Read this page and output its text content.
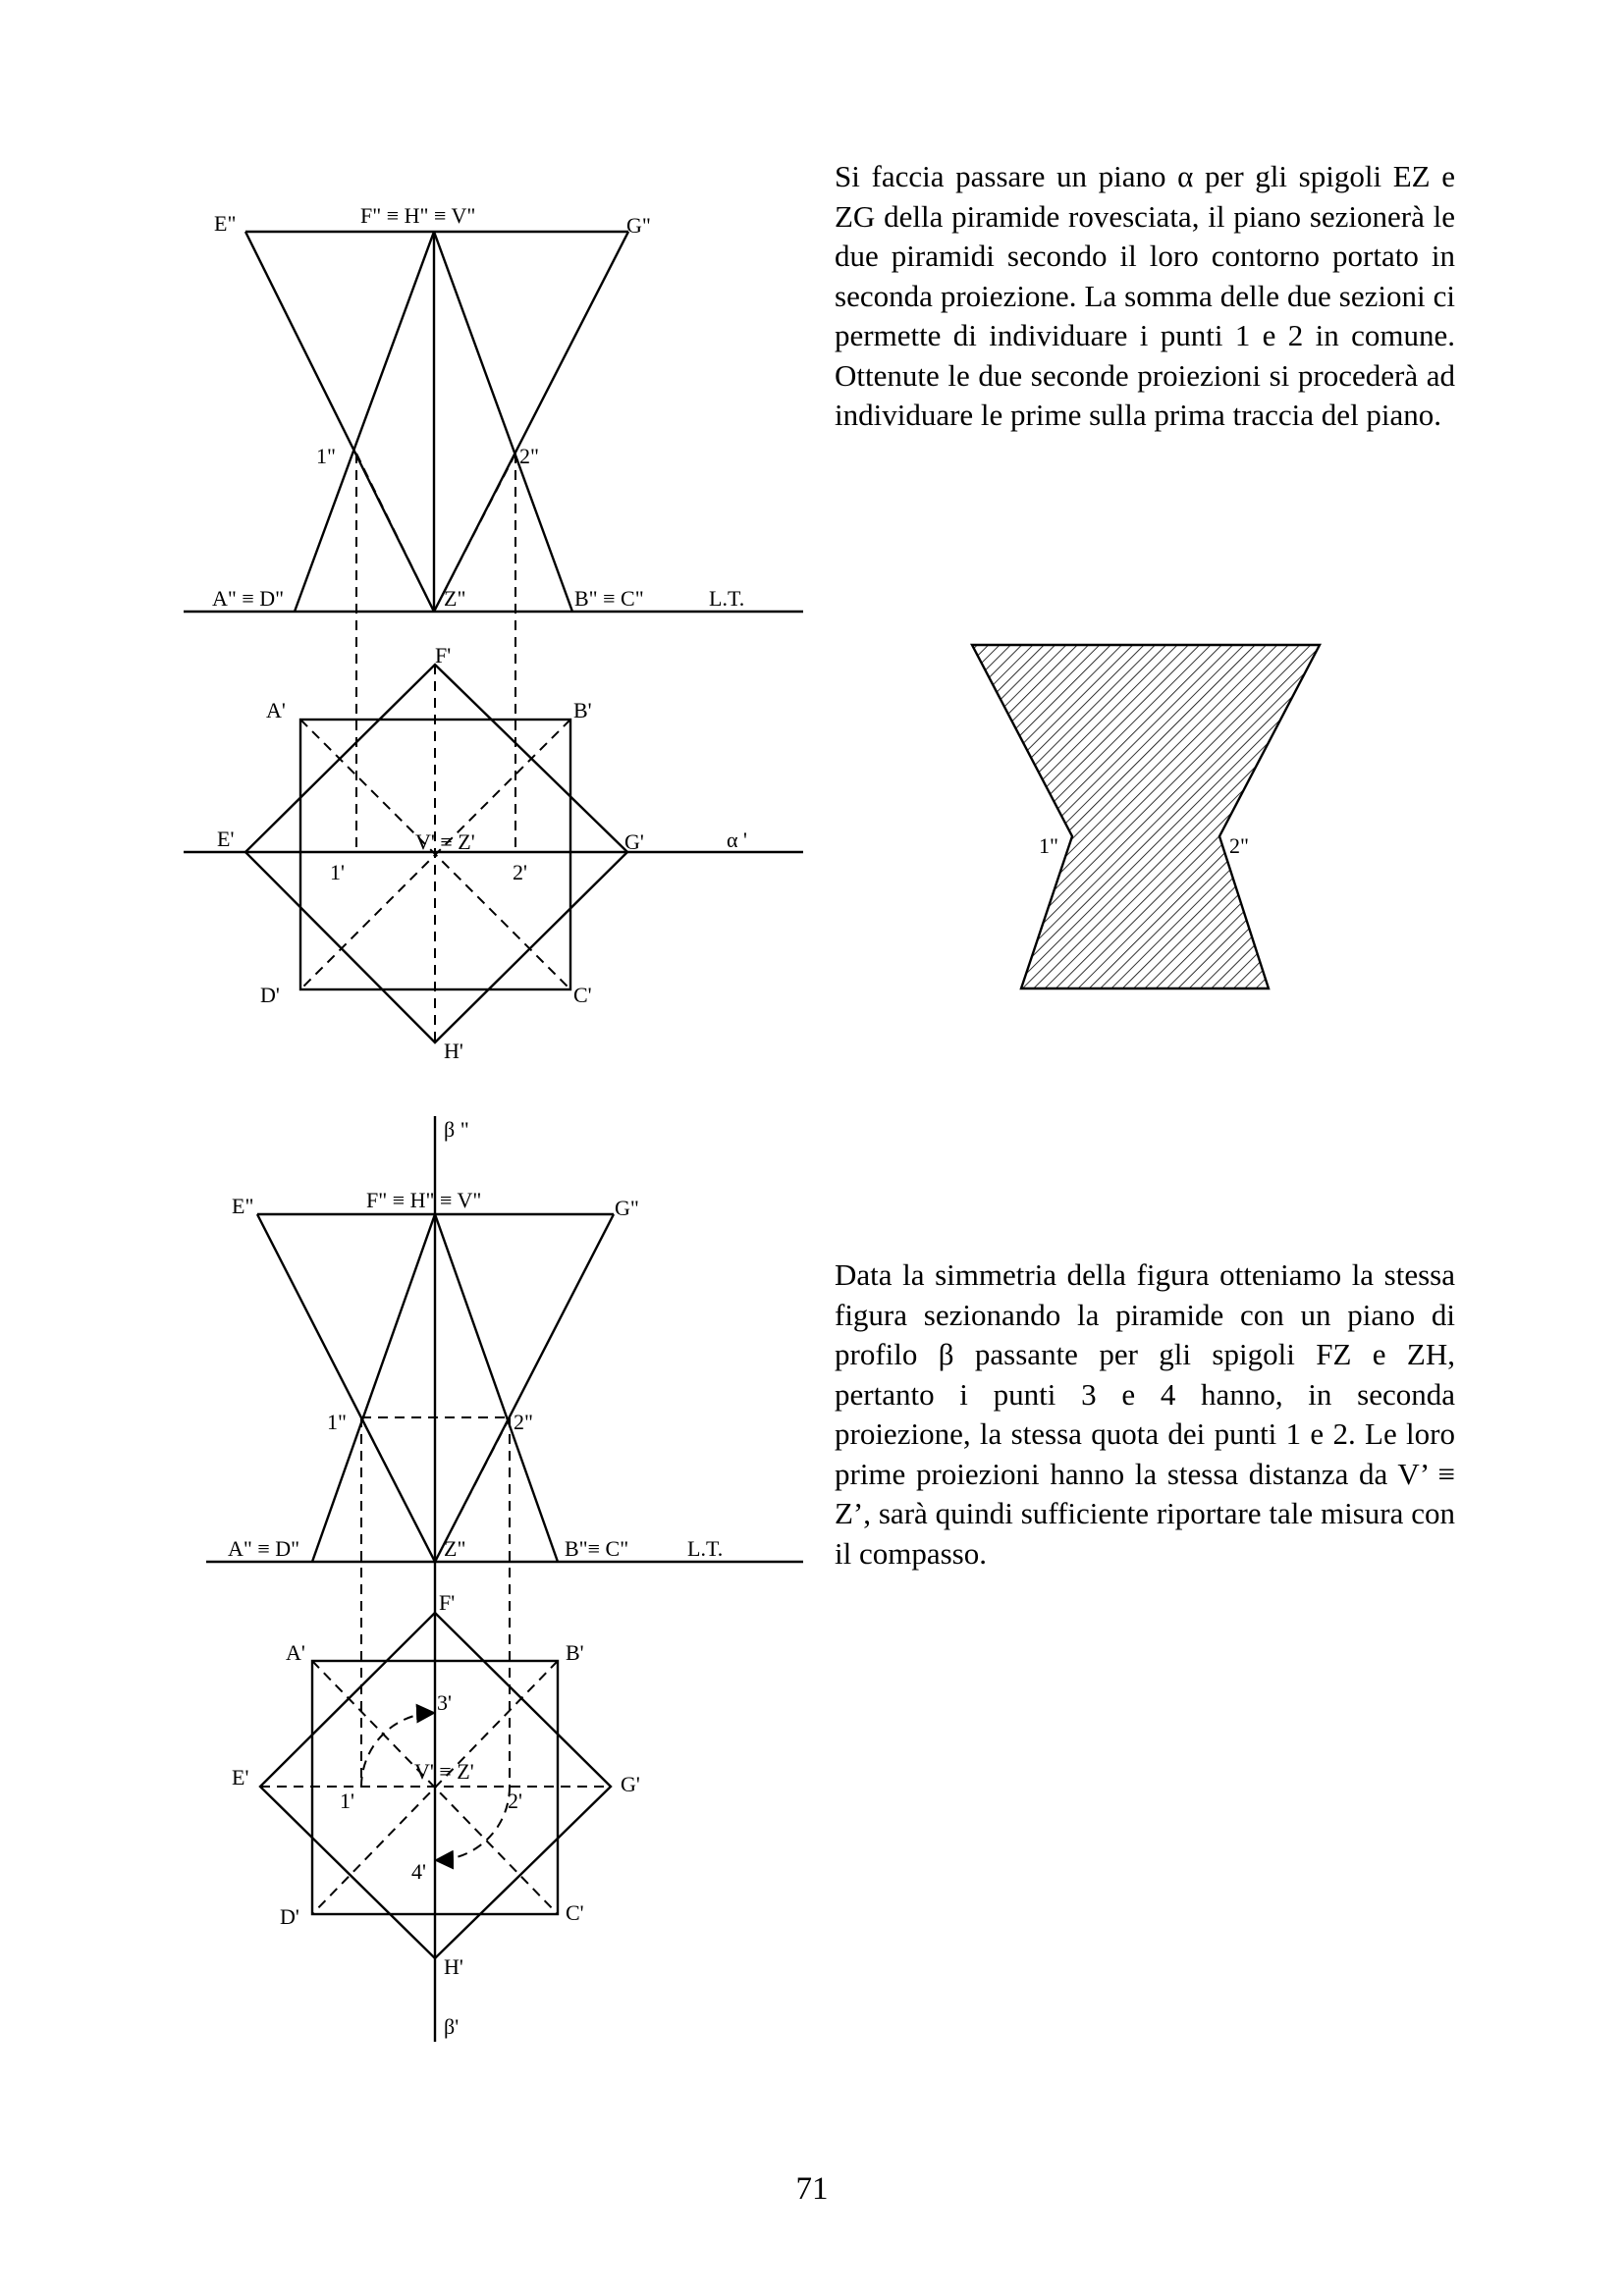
E"	F" ≡ H" ≡ V"	G"
1"	2"
A" ≡ D"	Z"	B" ≡ C"	L.T.
F'
A'	B'
E'	V' ≡ Z'	G'	α '
1'	2'
D'	C'
H'
1"	2"
β "
E"	F" ≡ H" ≡ V"	G"
1"	2"
A" ≡ D"	Z"	B"≡ C"	L.T.
F'
A'	B'
3'
E'	V' ≡ Z'
G'
1'	2'
4'
D'	C'
H'
β'

Si faccia passare un piano α per gli spigoli EZ e ZG della piramide rovesciata, il piano sezionerà le due piramidi secondo il loro contorno portato in seconda proiezione. La somma delle due sezioni ci permette di individuare i punti 1 e 2 in comune. Ottenute le due seconde proiezioni si procederà ad individuare le prime sulla prima traccia del piano.

Data la simmetria della figura otteniamo la stessa figura sezionando la piramide con un piano di profilo β passante per gli spigoli FZ e ZH, pertanto i punti 3 e 4 hanno, in seconda proiezione, la stessa quota dei punti 1 e 2. Le loro prime proiezioni hanno la stessa distanza da V’ ≡ Z’, sarà quindi sufficiente riportare tale misura con il compasso.

71
